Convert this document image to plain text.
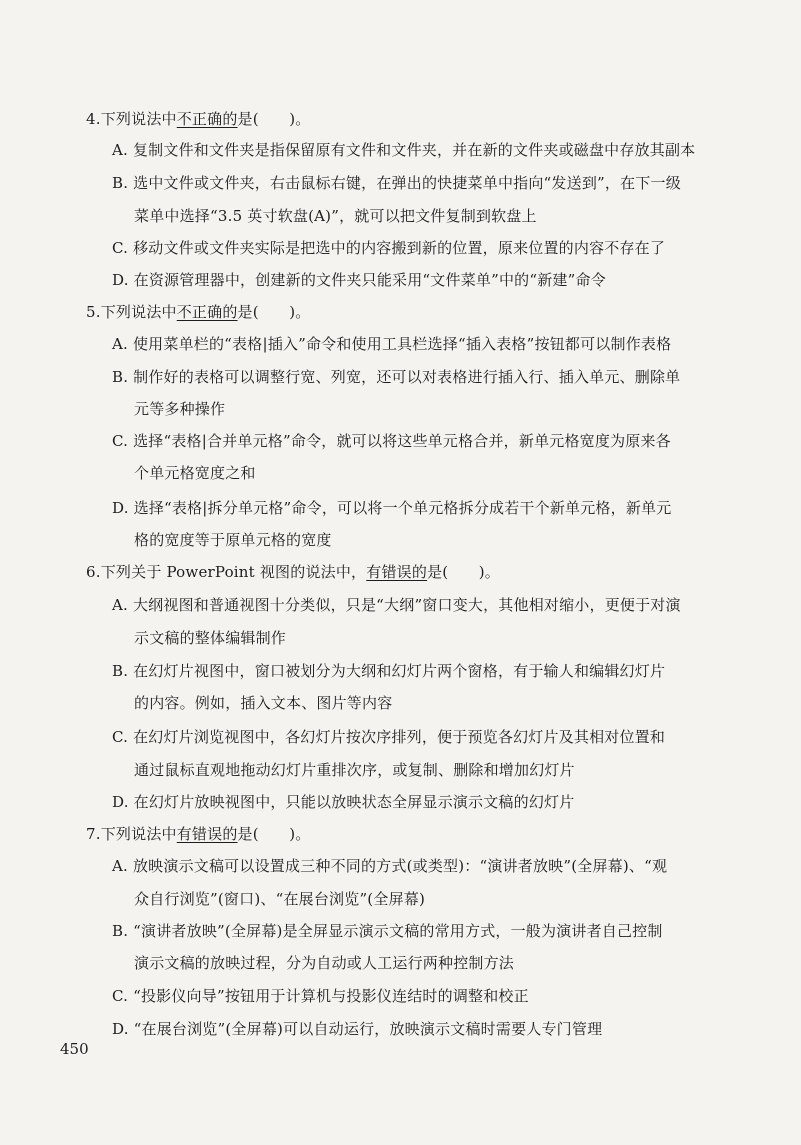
4.下列说法中不正确的是(　　)。
A. 复制文件和文件夹是指保留原有文件和文件夹，并在新的文件夹或磁盘中存放其副本
B. 选中文件或文件夹，右击鼠标右键，在弹出的快捷菜单中指向“发送到”，在下一级
菜单中选择“3.5 英寸软盘(A)”，就可以把文件复制到软盘上
C. 移动文件或文件夹实际是把选中的内容搬到新的位置，原来位置的内容不存在了
D. 在资源管理器中，创建新的文件夹只能采用“文件菜单”中的“新建”命令
5.下列说法中不正确的是(　　)。
A. 使用菜单栏的“表格|插入”命令和使用工具栏选择“插入表格”按钮都可以制作表格
B. 制作好的表格可以调整行宽、列宽，还可以对表格进行插入行、插入单元、删除单
元等多种操作
C. 选择“表格|合并单元格”命令，就可以将这些单元格合并，新单元格宽度为原来各
个单元格宽度之和
D. 选择“表格|拆分单元格”命令，可以将一个单元格拆分成若干个新单元格，新单元
格的宽度等于原单元格的宽度
6.下列关于 PowerPoint 视图的说法中，有错误的是(　　)。
A. 大纲视图和普通视图十分类似，只是“大纲”窗口变大，其他相对缩小，更便于对演
示文稿的整体编辑制作
B. 在幻灯片视图中，窗口被划分为大纲和幻灯片两个窗格，有于输人和编辑幻灯片
的内容。例如，插入文本、图片等内容
C. 在幻灯片浏览视图中，各幻灯片按次序排列，便于预览各幻灯片及其相对位置和
通过鼠标直观地拖动幻灯片重排次序，或复制、删除和增加幻灯片
D. 在幻灯片放映视图中，只能以放映状态全屏显示演示文稿的幻灯片
7.下列说法中有错误的是(　　)。
A. 放映演示文稿可以设置成三种不同的方式(或类型)：“演讲者放映”(全屏幕)、“观
众自行浏览”(窗口)、“在展台浏览”(全屏幕)
B. “演讲者放映”(全屏幕)是全屏显示演示文稿的常用方式，一般为演讲者自己控制
演示文稿的放映过程，分为自动或人工运行两种控制方法
C. “投影仪向导”按钮用于计算机与投影仪连结时的调整和校正
D. “在展台浏览”(全屏幕)可以自动运行，放映演示文稿时需要人专门管理
450
